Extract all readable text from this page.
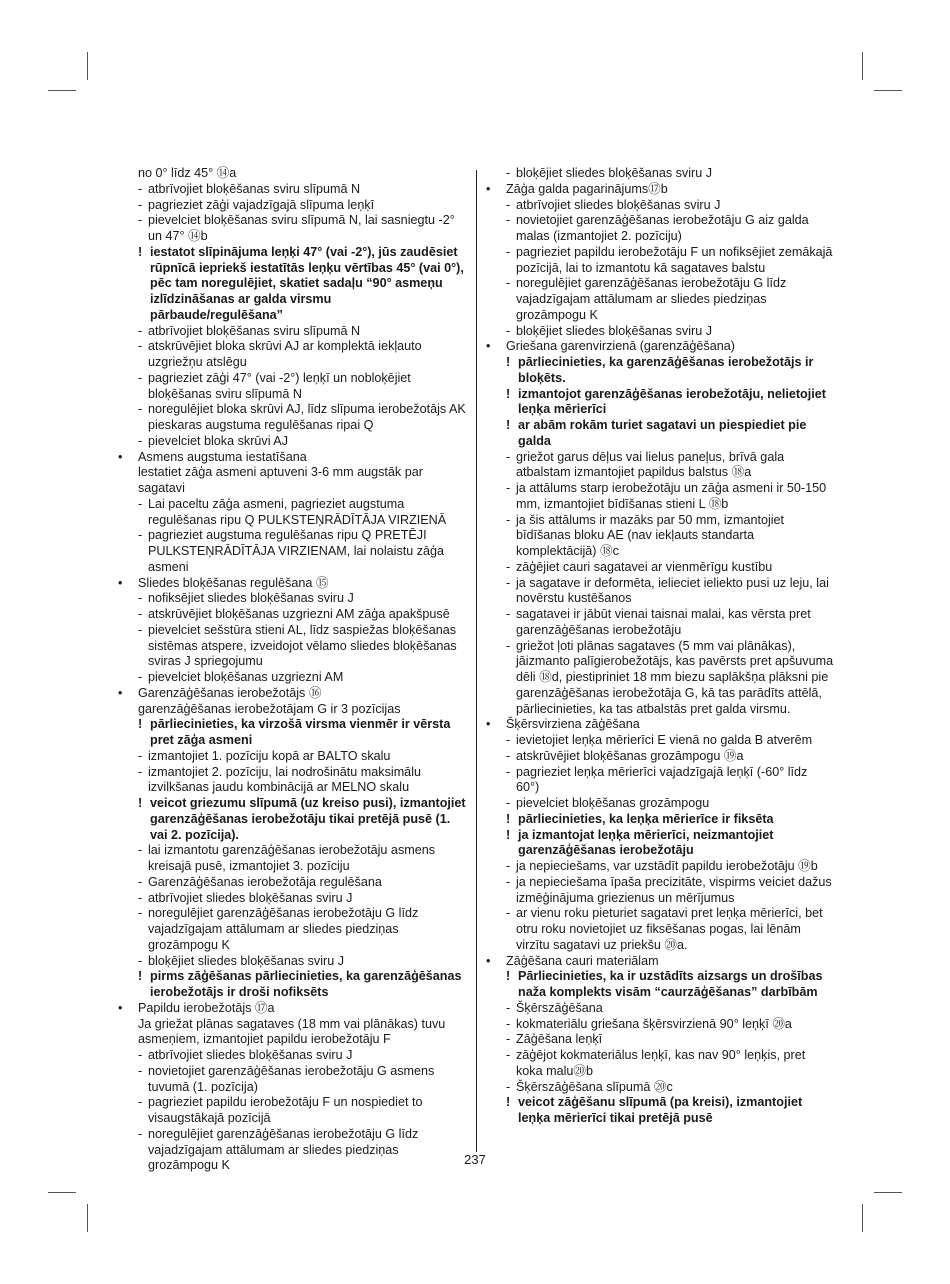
no 0° līdz 45° ⑭a
- atbrīvojiet bloķēšanas sviru slīpumā N
- pagrieziet zāģi vajadzīgajā slīpuma leņķī
- pievelciet bloķēšanas sviru slīpumā N, lai sasniegtu -2° un 47° ⑭b
! iestatot slīpinājuma leņķi 47° (vai -2°), jūs zaudēsiet rūpnīcā iepriekš iestatītās leņķu vērtības 45° (vai 0°), pēc tam noregulējiet, skatiet sadaļu “90° asmeņu izlīdzināšanas ar galda virsmu pārbaude/regulēšana”
- atbrīvojiet bloķēšanas sviru slīpumā N
- atskrūvējiet bloka skrūvi AJ ar komplektā iekļauto uzgriežņu atslēgu
- pagrieziet zāģi 47° (vai -2°) leņķī un nobloķējiet bloķēšanas sviru slīpumā N
- noregulējiet bloka skrūvi AJ, līdz slīpuma ierobežotājs AK pieskaras augstuma regulēšanas ripai Q
- pievelciet bloka skrūvi AJ
• Asmens augstuma iestatīšana
lestatiet zāģa asmeni aptuveni 3-6 mm augstāk par sagatavi
- Lai paceltu zāģa asmeni, pagrieziet augstuma regulēšanas ripu Q PULKSTEŅRĀDĪTĀJA VIRZIENĀ
- pagrieziet augstuma regulēšanas ripu Q PRETĒJI PULKSTEŅRĀDĪTĀJA VIRZIENAM, lai nolaistu zāģa asmeni
• Sliedes bloķēšanas regulēšana ⑮
- nofiksējiet sliedes bloķēšanas sviru J
- atskrūvējiet bloķēšanas uzgriezni AM zāģa apakšpusē
- pievelciet sešstūra stieni AL, līdz saspiežas bloķēšanas sistēmas atspere, izveidojot vēlamo sliedes bloķēšanas sviras J spriegojumu
- pievelciet bloķēšanas uzgriezni AM
• Garenzāģēšanas ierobežotājs ⑯
garenzāģēšanas ierobežotājam G ir 3 pozīcijas
! pārliecinieties, ka virzošā virsma vienmēr ir vērsta pret zāģa asmeni
- izmantojiet 1. pozīciju kopā ar BALTO skalu
- izmantojiet 2. pozīciju, lai nodrošinātu maksimālu izvilkšanas jaudu kombinācijā ar MELNO skalu
! veicot griezumu slīpumā (uz kreiso pusi), izmantojiet garenzāģēšanas ierobežotāju tikai pretējā pusē (1. vai 2. pozīcija).
- lai izmantotu garenzāģēšanas ierobežotāju asmens kreisajā pusē, izmantojiet 3. pozīciju
- Garenzāģēšanas ierobežotāja regulēšana
- atbrīvojiet sliedes bloķēšanas sviru J
- noregulējiet garenzāģēšanas ierobežotāju G līdz vajadzīgajam attālumam ar sliedes piedziņas grozāmpogu K
- bloķējiet sliedes bloķēšanas sviru J
! pirms zāģēšanas pārliecinieties, ka garenzāģēšanas ierobežotājs ir droši nofiksēts
• Papildu ierobežotājs ⑰a
Ja griežat plānas sagataves (18 mm vai plānākas) tuvu asmeņiem, izmantojiet papildu ierobežotāju F
- atbrīvojiet sliedes bloķēšanas sviru J
- novietojiet garenzāģēšanas ierobežotāju G asmens tuvumā (1. pozīcija)
- pagrieziet papildu ierobežotāju F un nospiediet to visaugstākajā pozīcijā
- noregulējiet garenzāģēšanas ierobežotāju G līdz vajadzīgajam attālumam ar sliedes piedziņas grozāmpogu K
- bloķējiet sliedes bloķēšanas sviru J
• Zāģa galda pagarinājums⑰b
- atbrīvojiet sliedes bloķēšanas sviru J
- novietojiet garenzāģēšanas ierobežotāju G aiz galda malas (izmantojiet 2. pozīciju)
- pagrieziet papildu ierobežotāju F un nofiksējiet zemākajā pozīcijā, lai to izmantotu kā sagataves balstu
- noregulējiet garenzāģēšanas ierobežotāju G līdz vajadzīgajam attālumam ar sliedes piedziņas grozāmpogu K
- bloķējiet sliedes bloķēšanas sviru J
• Griešana garenvirzienā (garenzāģēšana)
! pārliecinieties, ka garenzāģēšanas ierobežotājs ir bloķēts.
! izmantojot garenzāģēšanas ierobežotāju, nelietojiet leņķa mērierīci
! ar abām rokām turiet sagatavi un piespiediet pie galda
- griežot garus dēļus vai lielus paneļus, brīvā gala atbalstam izmantojiet papildus balstus ⑱a
- ja attālums starp ierobežotāju un zāģa asmeni ir 50-150 mm, izmantojiet bīdīšanas stieni L ⑱b
- ja šis attālums ir mazāks par 50 mm, izmantojiet bīdīšanas bloku AE (nav iekļauts standarta komplektācijā) ⑱c
- zāģējiet cauri sagatavei ar vienmērīgu kustību
- ja sagatave ir deformēta, ielieciet ieliekto pusi uz leju, lai novērstu kustēšanos
- sagatavei ir jābūt vienai taisnai malai, kas vērsta pret garenzāģēšanas ierobežotāju
- griežot ļoti plānas sagataves (5 mm vai plānākas), jāizmanto palīgierobežotājs, kas pavērsts pret apšuvuma dēli ⑱d, piestipriniet 18 mm biezu saplākšņa plāksni pie garenzāģēšanas ierobežotāja G, kā tas parādīts attēlā, pārliecinieties, ka tas atbalstās pret galda virsmu.
• Šķērsvirziena zāģēšana
- ievietojiet leņķa mērierīci E vienā no galda B atverēm
- atskrūvējiet bloķēšanas grozāmpogu ⑲a
- pagrieziet leņķa mērierīci vajadzīgajā leņķī (-60° līdz 60°)
- pievelciet bloķēšanas grozāmpogu
! pārliecinieties, ka leņķa mērierīce ir fiksēta
! ja izmantojat leņķa mērierīci, neizmantojiet garenzāģēšanas ierobežotāju
- ja nepieciešams, var uzstādīt papildu ierobežotāju ⑲b
- ja nepieciešama īpaša precizitāte, vispirms veiciet dažus izmēģinājuma griezienus un mērījumus
- ar vienu roku pieturiet sagatavi pret leņķa mērierīci, bet otru roku novietojiet uz fiksēšanas pogas, lai lēnām virzītu sagatavi uz priekšu ⑳a.
• Zāģēšana cauri materiālam
! Pārliecinieties, ka ir uzstādīts aizsargs un drošības naža komplekts visām “caurzāģēšanas” darbībām
- Šķērszāģēšana
- kokmateriālu griešana šķērsvirzienā 90° leņķī ⑳a
- Zāģēšana leņķī
- zāģējot kokmateriālus leņķī, kas nav 90° leņķis, pret koka malu⑳b
- Šķērszāģēšana slīpumā ⑳c
! veicot zāģēšanu slīpumā (pa kreisi), izmantojiet leņķa mērierīci tikai pretējā pusē
237
